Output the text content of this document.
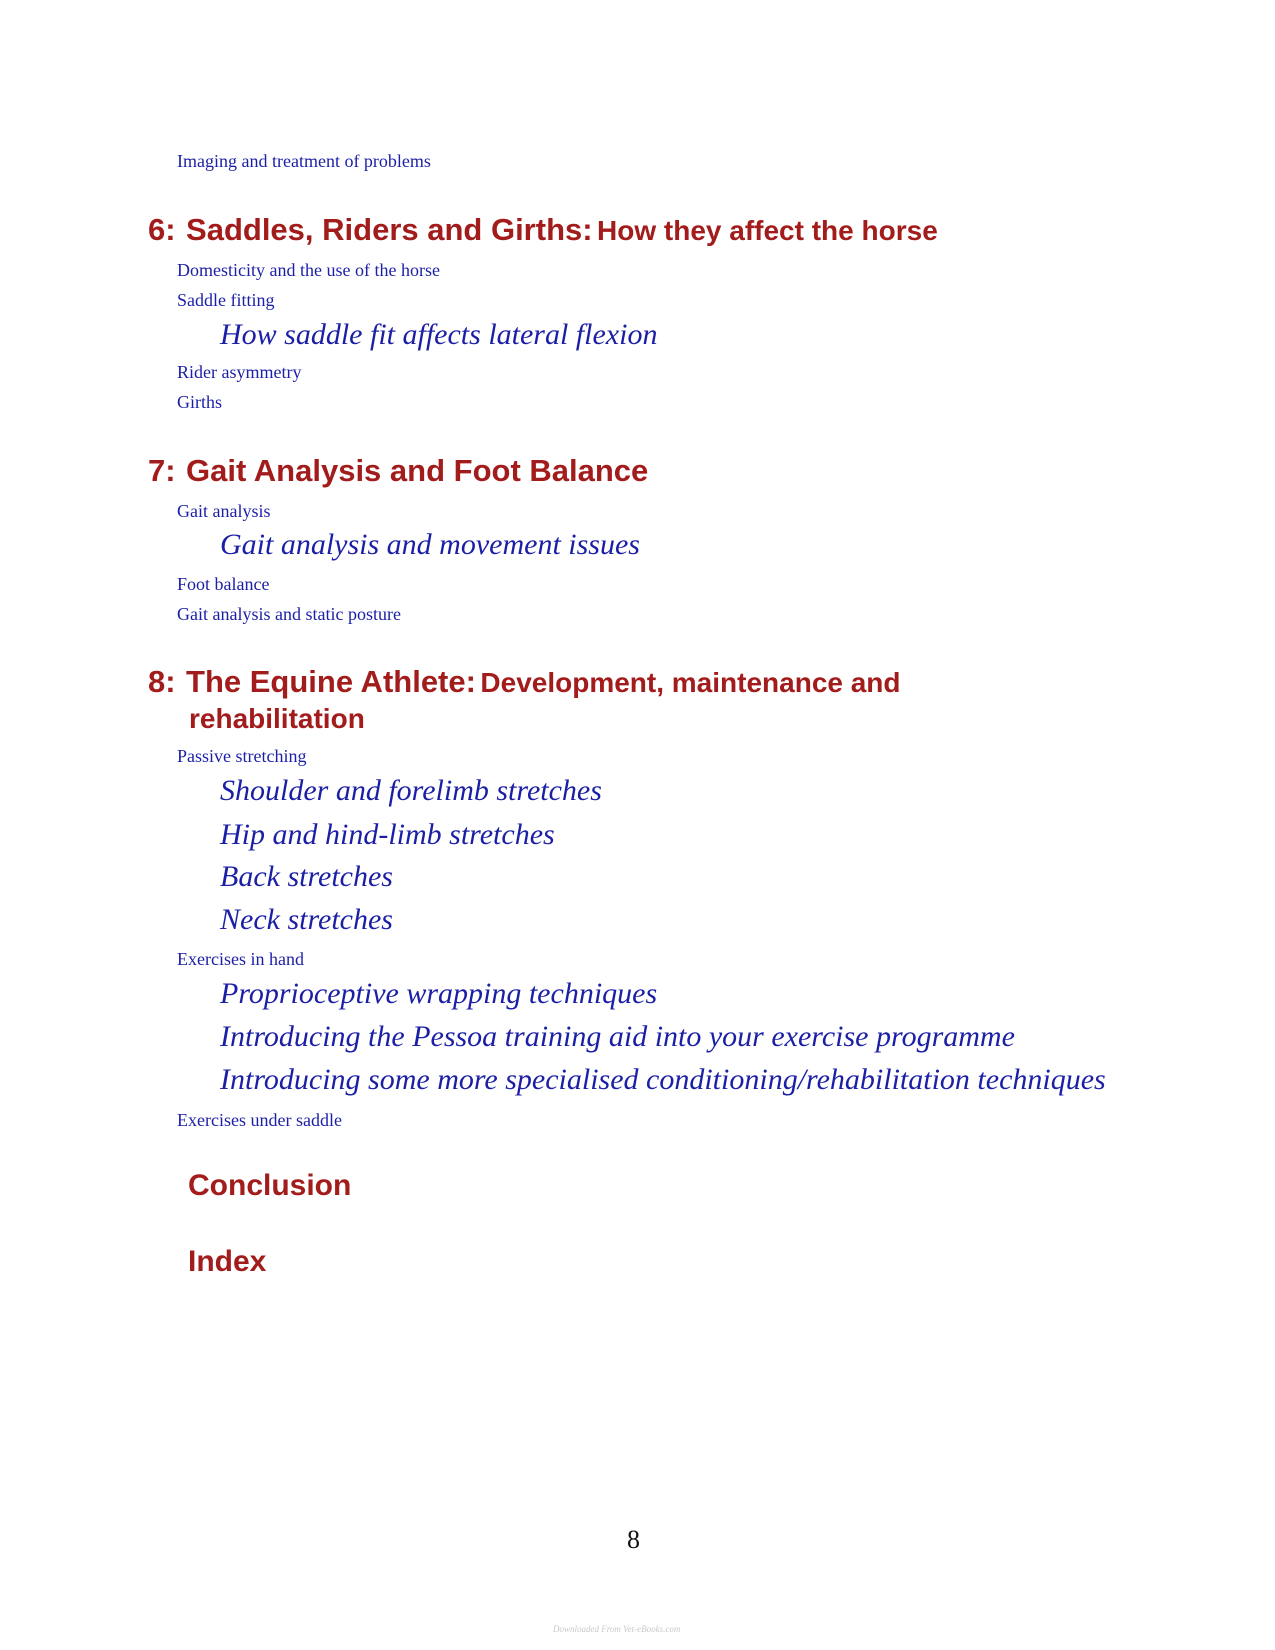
Imaging and treatment of problems
6: Saddles, Riders and Girths: How they affect the horse
Domesticity and the use of the horse
Saddle fitting
How saddle fit affects lateral flexion
Rider asymmetry
Girths
7: Gait Analysis and Foot Balance
Gait analysis
Gait analysis and movement issues
Foot balance
Gait analysis and static posture
8: The Equine Athlete: Development, maintenance and
rehabilitation
Passive stretching
Shoulder and forelimb stretches
Hip and hind-limb stretches
Back stretches
Neck stretches
Exercises in hand
Proprioceptive wrapping techniques
Introducing the Pessoa training aid into your exercise programme
Introducing some more specialised conditioning/rehabilitation techniques
Exercises under saddle
Conclusion
Index
8
Downloaded From Vet-eBooks.com
